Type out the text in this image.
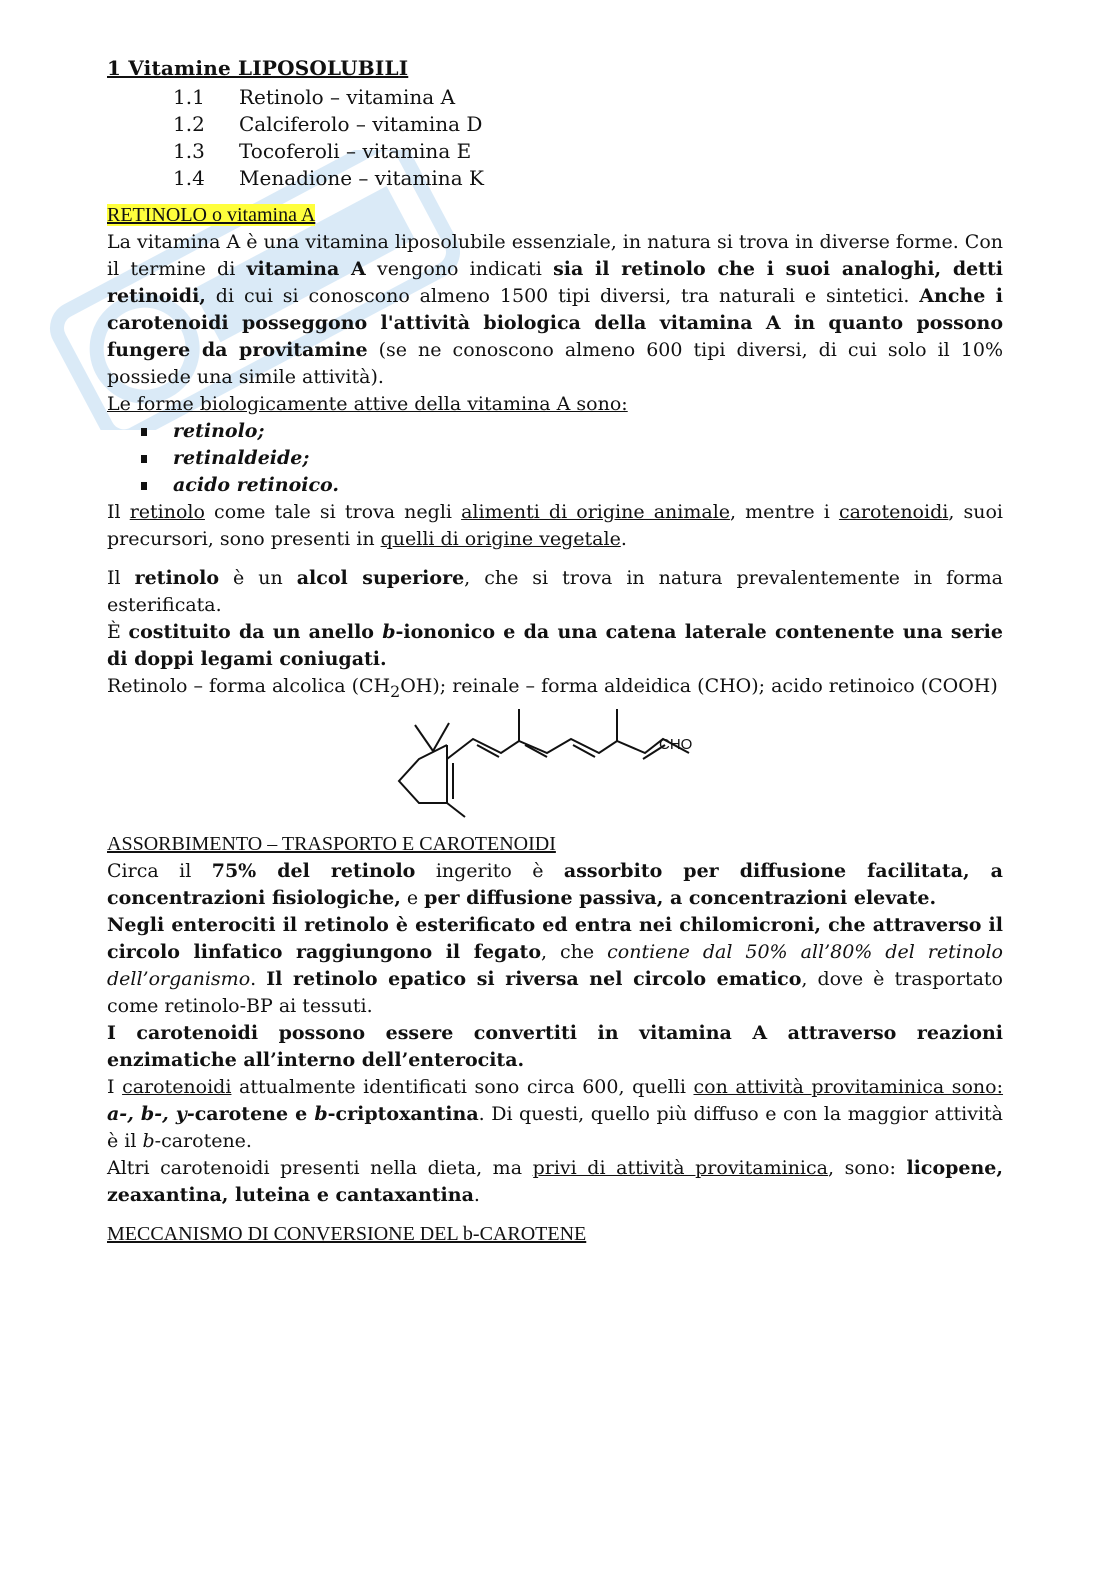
1 Vitamine LIPOSOLUBILI

1.1 Retinolo – vitamina A
1.2 Calciferolo – vitamina D
1.3 Tocoferoli – vitamina E
1.4 Menadione – vitamina K

RETINOLO o vitamina A

La vitamina A è una vitamina liposolubile essenziale, in natura si trova in diverse forme. Con il termine di vitamina A vengono indicati sia il retinolo che i suoi analoghi, detti retinoidi, di cui si conoscono almeno 1500 tipi diversi, tra naturali e sintetici. Anche i carotenoidi posseggono l'attività biologica della vitamina A in quanto possono fungere da provitamine (se ne conoscono almeno 600 tipi diversi, di cui solo il 10% possiede una simile attività).

Le forme biologicamente attive della vitamina A sono:

retinolo;
retinaldeide;
acido retinoico.

Il retinolo come tale si trova negli alimenti di origine animale, mentre i carotenoidi, suoi precursori, sono presenti in quelli di origine vegetale.

Il retinolo è un alcol superiore, che si trova in natura prevalentemente in forma esterificata.

È costituito da un anello b-iononico e da una catena laterale contenente una serie di doppi legami coniugati.

Retinolo – forma alcolica $(CH_2OH)$; reinale – forma aldeidica (CHO); acido retinoico (COOH)

CHO

ASSORBIMENTO – TRASPORTO E CAROTENOIDI

Circa il 75% del retinolo ingerito è assorbito per diffusione facilitata, a concentrazioni fisiologiche, e per diffusione passiva, a concentrazioni elevate.

Negli enterociti il retinolo è esterificato ed entra nei chilomicroni, che attraverso il circolo linfatico raggiungono il fegato, che contiene dal 50% all’80% del retinolo dell’organismo. Il retinolo epatico si riversa nel circolo ematico, dove è trasportato come retinolo-BP ai tessuti.

I carotenoidi possono essere convertiti in vitamina A attraverso reazioni enzimatiche all’interno dell’enterocita.

I carotenoidi attualmente identificati sono circa 600, quelli con attività provitaminica sono: a-, b-, y-carotene e b-criptoxantina. Di questi, quello più diffuso e con la maggior attività è il b-carotene.

Altri carotenoidi presenti nella dieta, ma privi di attività provitaminica, sono: licopene, zeaxantina, luteina e cantaxantina.

MECCANISMO DI CONVERSIONE DEL b-CAROTENE
